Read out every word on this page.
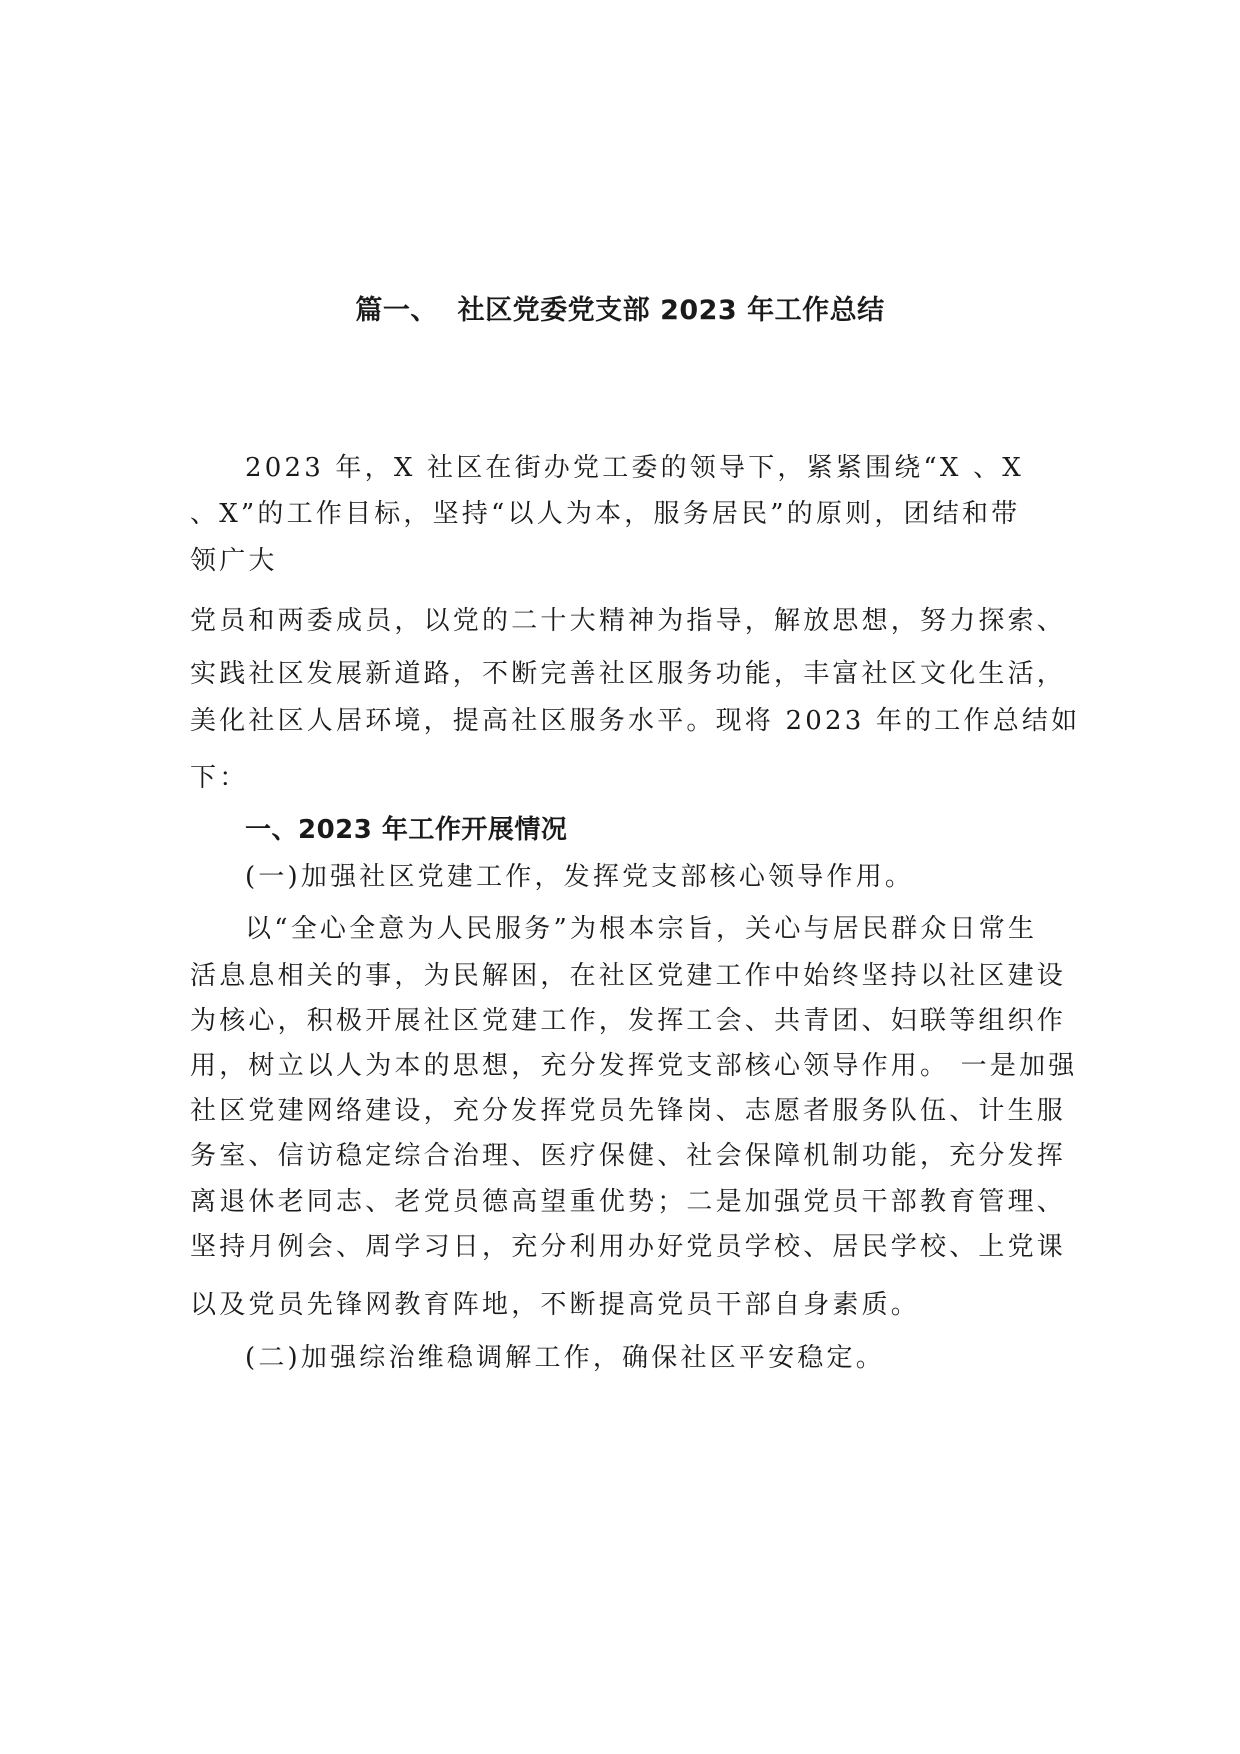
篇一、  社区党委党支部 2023 年工作总结
2023 年，X 社区在街办党工委的领导下，紧紧围绕“X 、X
、X”的工作目标，坚持“以人为本，服务居民”的原则，团结和带
领广大
党员和两委成员，以党的二十大精神为指导，解放思想，努力探索、
实践社区发展新道路，不断完善社区服务功能，丰富社区文化生活，
美化社区人居环境，提高社区服务水平。现将 2023 年的工作总结如
下：
一、2023 年工作开展情况
(一)加强社区党建工作，发挥党支部核心领导作用。
以“全心全意为人民服务”为根本宗旨，关心与居民群众日常生
活息息相关的事，为民解困，在社区党建工作中始终坚持以社区建设
为核心，积极开展社区党建工作，发挥工会、共青团、妇联等组织作
用，树立以人为本的思想，充分发挥党支部核心领导作用。 一是加强
社区党建网络建设，充分发挥党员先锋岗、志愿者服务队伍、计生服
务室、信访稳定综合治理、医疗保健、社会保障机制功能，充分发挥
离退休老同志、老党员德高望重优势；二是加强党员干部教育管理、
坚持月例会、周学习日，充分利用办好党员学校、居民学校、上党课
以及党员先锋网教育阵地，不断提高党员干部自身素质。
(二)加强综治维稳调解工作，确保社区平安稳定。
